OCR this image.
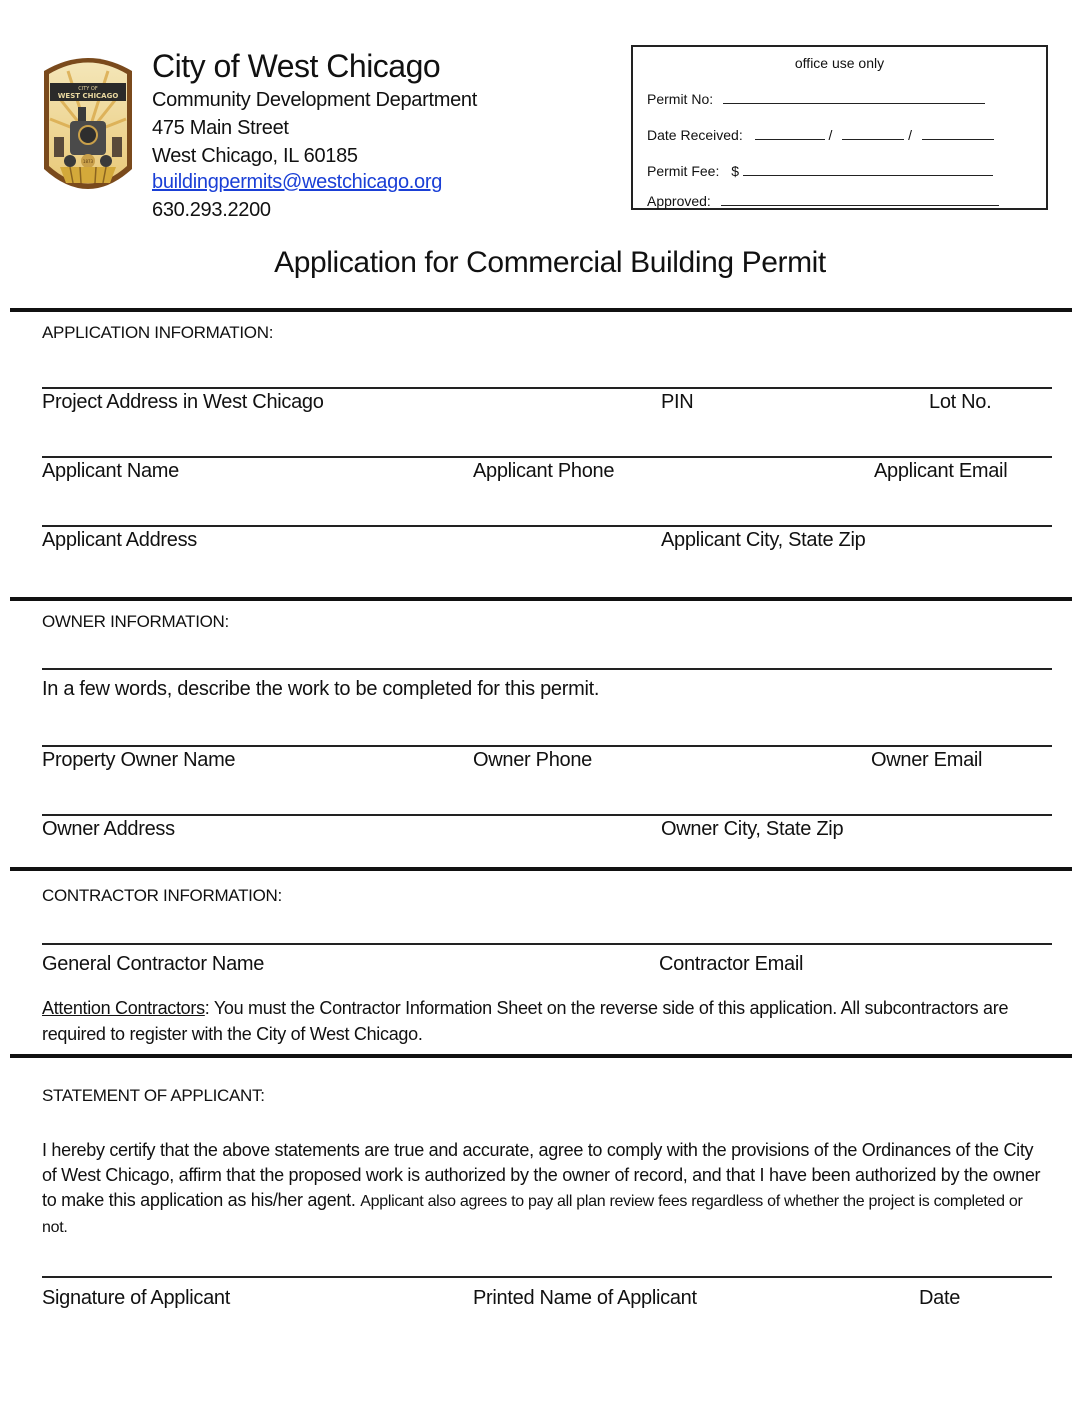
CITY OF
WEST CHICAGO
1873
City of West Chicago
Community Development Department
475 Main Street
West Chicago, IL 60185
buildingpermits@westchicago.org
630.293.2200
office use only
Permit No:
Date Received:	/	/
Permit Fee: $
Approved:
Application for Commercial Building Permit
APPLICATION INFORMATION:
Project Address in West Chicago	PIN	Lot No.
Applicant Name	Applicant Phone	Applicant Email
Applicant Address	Applicant City, State Zip
OWNER INFORMATION:
In a few words, describe the work to be completed for this permit.
Property Owner Name	Owner Phone	Owner Email
Owner Address	Owner City, State Zip
CONTRACTOR INFORMATION:
General Contractor Name	Contractor Email
Attention Contractors: You must the Contractor Information Sheet on the reverse side of this application. All subcontractors are required to register with the City of West Chicago.
STATEMENT OF APPLICANT:
I hereby certify that the above statements are true and accurate, agree to comply with the provisions of the Ordinances of the City of West Chicago, affirm that the proposed work is authorized by the owner of record, and that I have been authorized by the owner to make this application as his/her agent. Applicant also agrees to pay all plan review fees regardless of whether the project is completed or not.
Signature of Applicant	Printed Name of Applicant	Date
